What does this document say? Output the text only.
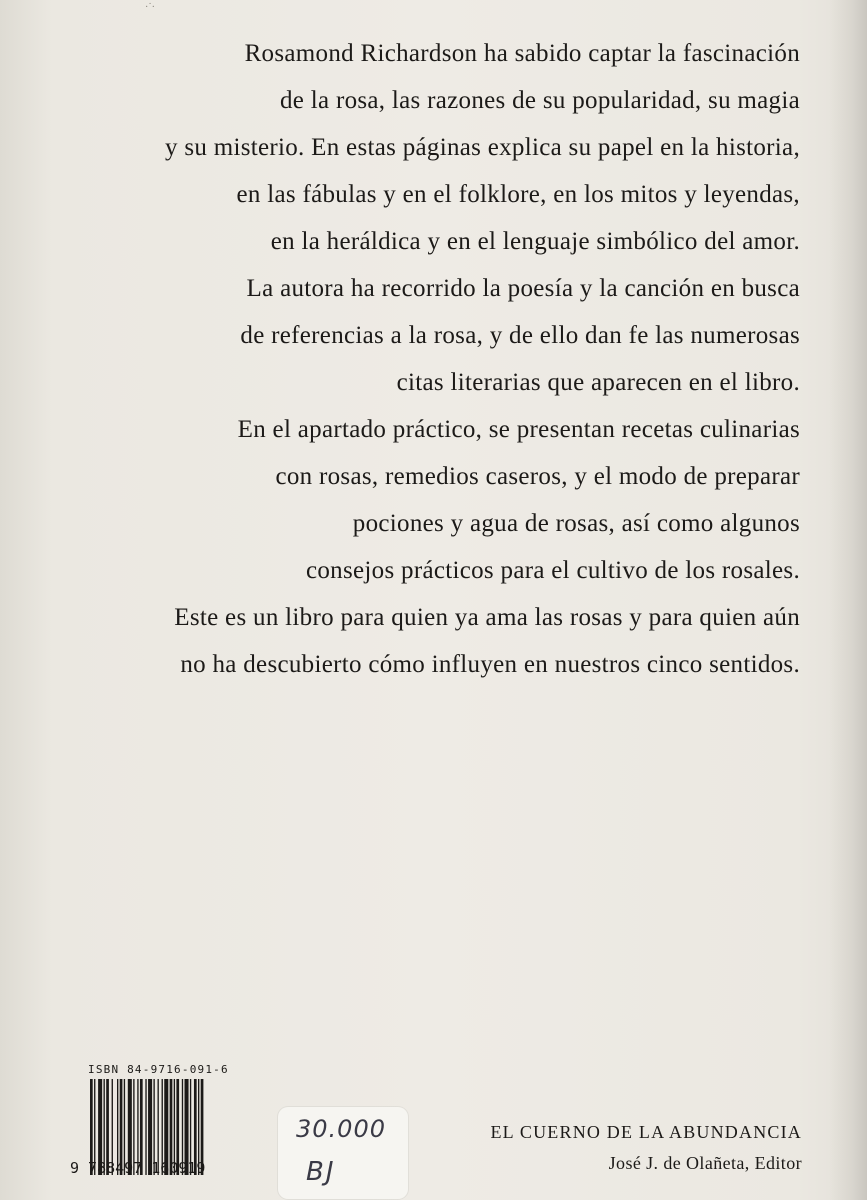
·˙·
Rosamond Richardson ha sabido captar la fascinación
de la rosa, las razones de su popularidad, su magia
y su misterio. En estas páginas explica su papel en la historia,
en las fábulas y en el folklore, en los mitos y leyendas,
en la heráldica y en el lenguaje simbólico del amor.
La autora ha recorrido la poesía y la canción en busca
de referencias a la rosa, y de ello dan fe las numerosas
citas literarias que aparecen en el libro.
En el apartado práctico, se presentan recetas culinarias
con rosas, remedios caseros, y el modo de preparar
pociones y agua de rosas, así como algunos
consejos prácticos para el cultivo de los rosales.
Este es un libro para quien ya ama las rosas y para quien aún
no ha descubierto cómo influyen en nuestros cinco sentidos.
ISBN 84-9716-091-6
9 788497 160919
30.000
BJ
EL CUERNO DE LA ABUNDANCIA
José J. de Olañeta, Editor
